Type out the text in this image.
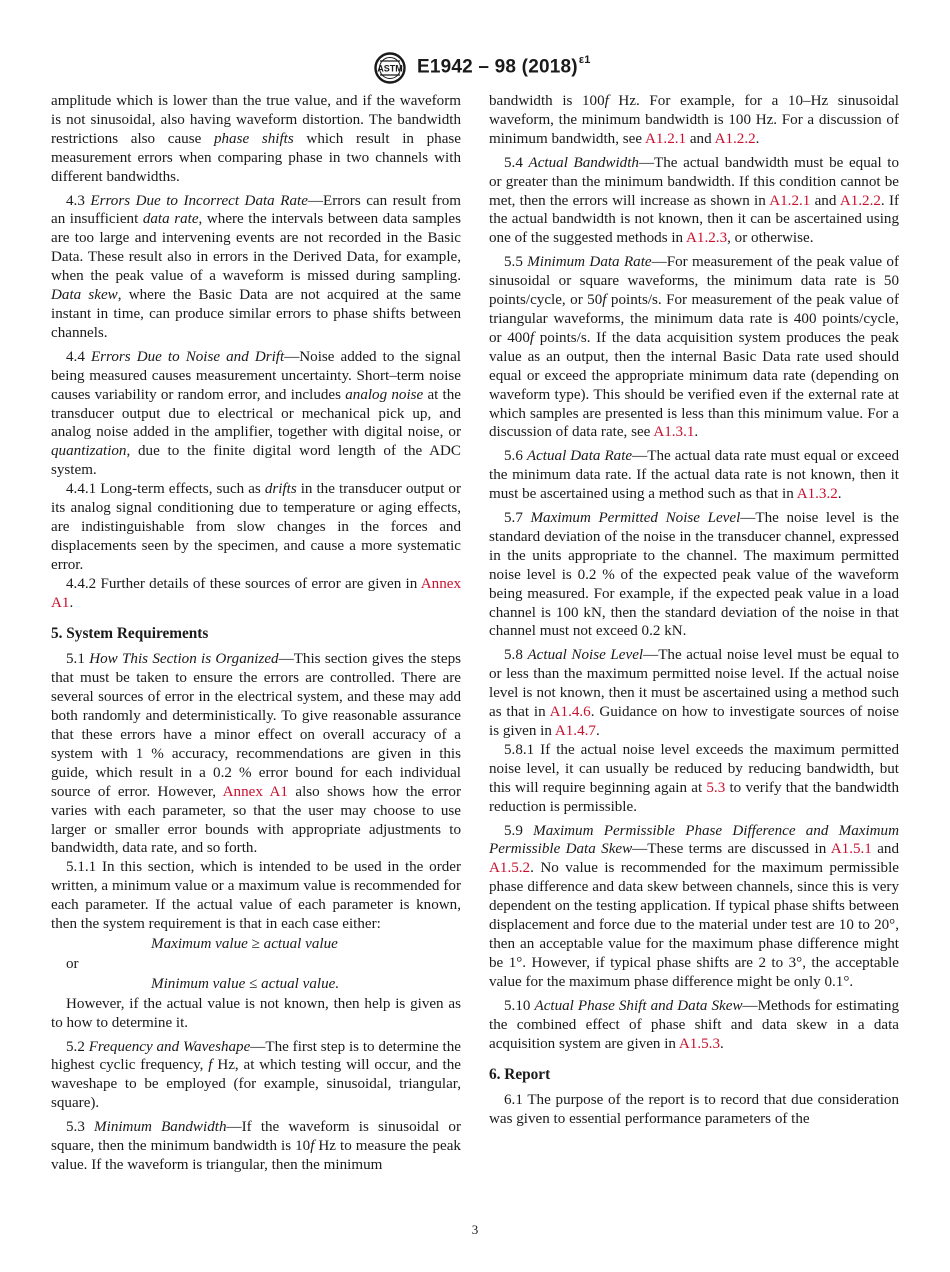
ASTM E1942 – 98 $(2018)^{\varepsilon 1}$

amplitude which is lower than the true value, and if the waveform is not sinusoidal, also having waveform distortion. The bandwidth restrictions also cause phase shifts which result in phase measurement errors when comparing phase in two channels with different bandwidths.

4.3 Errors Due to Incorrect Data Rate—Errors can result from an insufficient data rate, where the intervals between data samples are too large and intervening events are not recorded in the Basic Data. These result also in errors in the Derived Data, for example, when the peak value of a waveform is missed during sampling. Data skew, where the Basic Data are not acquired at the same instant in time, can produce similar errors to phase shifts between channels.

4.4 Errors Due to Noise and Drift—Noise added to the signal being measured causes measurement uncertainty. Short–term noise causes variability or random error, and includes analog noise at the transducer output due to electrical or mechanical pick up, and analog noise added in the amplifier, together with digital noise, or quantization, due to the finite digital word length of the ADC system.

4.4.1 Long-term effects, such as drifts in the transducer output or its analog signal conditioning due to temperature or aging effects, are indistinguishable from slow changes in the forces and displacements seen by the specimen, and cause a more systematic error.

4.4.2 Further details of these sources of error are given in Annex A1.

5. System Requirements

5.1 How This Section is Organized—This section gives the steps that must be taken to ensure the errors are controlled. There are several sources of error in the electrical system, and these may add both randomly and deterministically. To give reasonable assurance that these errors have a minor effect on overall accuracy of a system with 1 % accuracy, recommendations are given in this guide, which result in a 0.2 % error bound for each individual source of error. However, Annex A1 also shows how the error varies with each parameter, so that the user may choose to use larger or smaller error bounds with appropriate adjustments to bandwidth, data rate, and so forth.

5.1.1 In this section, which is intended to be used in the order written, a minimum value or a maximum value is recommended for each parameter. If the actual value of each parameter is known, then the system requirement is that in each case either:

Maximum value ≥ actual value

or

Minimum value ≤ actual value.

However, if the actual value is not known, then help is given as to how to determine it.

5.2 Frequency and Waveshape—The first step is to determine the highest cyclic frequency, f Hz, at which testing will occur, and the waveshape to be employed (for example, sinusoidal, triangular, square).

5.3 Minimum Bandwidth—If the waveform is sinusoidal or square, then the minimum bandwidth is 10f Hz to measure the peak value. If the waveform is triangular, then the minimum

bandwidth is 100f Hz. For example, for a 10–Hz sinusoidal waveform, the minimum bandwidth is 100 Hz. For a discussion of minimum bandwidth, see A1.2.1 and A1.2.2.

5.4 Actual Bandwidth—The actual bandwidth must be equal to or greater than the minimum bandwidth. If this condition cannot be met, then the errors will increase as shown in A1.2.1 and A1.2.2. If the actual bandwidth is not known, then it can be ascertained using one of the suggested methods in A1.2.3, or otherwise.

5.5 Minimum Data Rate—For measurement of the peak value of sinusoidal or square waveforms, the minimum data rate is 50 points/cycle, or 50f points/s. For measurement of the peak value of triangular waveforms, the minimum data rate is 400 points/cycle, or 400f points/s. If the data acquisition system produces the peak value as an output, then the internal Basic Data rate used should equal or exceed the appropriate minimum data rate (depending on waveform type). This should be verified even if the external rate at which samples are presented is less than this minimum value. For a discussion of data rate, see A1.3.1.

5.6 Actual Data Rate—The actual data rate must equal or exceed the minimum data rate. If the actual data rate is not known, then it must be ascertained using a method such as that in A1.3.2.

5.7 Maximum Permitted Noise Level—The noise level is the standard deviation of the noise in the transducer channel, expressed in the units appropriate to the channel. The maximum permitted noise level is 0.2 % of the expected peak value of the waveform being measured. For example, if the expected peak value in a load channel is 100 kN, then the standard deviation of the noise in that channel must not exceed 0.2 kN.

5.8 Actual Noise Level—The actual noise level must be equal to or less than the maximum permitted noise level. If the actual noise level is not known, then it must be ascertained using a method such as that in A1.4.6. Guidance on how to investigate sources of noise is given in A1.4.7.

5.8.1 If the actual noise level exceeds the maximum permitted noise level, it can usually be reduced by reducing bandwidth, but this will require beginning again at 5.3 to verify that the bandwidth reduction is permissible.

5.9 Maximum Permissible Phase Difference and Maximum Permissible Data Skew—These terms are discussed in A1.5.1 and A1.5.2. No value is recommended for the maximum permissible phase difference and data skew between channels, since this is very dependent on the testing application. If typical phase shifts between displacement and force due to the material under test are 10 to 20°, then an acceptable value for the maximum phase difference might be 1°. However, if typical phase shifts are 2 to 3°, the acceptable value for the maximum phase difference might be only 0.1°.

5.10 Actual Phase Shift and Data Skew—Methods for estimating the combined effect of phase shift and data skew in a data acquisition system are given in A1.5.3.

6. Report

6.1 The purpose of the report is to record that due consideration was given to essential performance parameters of the

3
